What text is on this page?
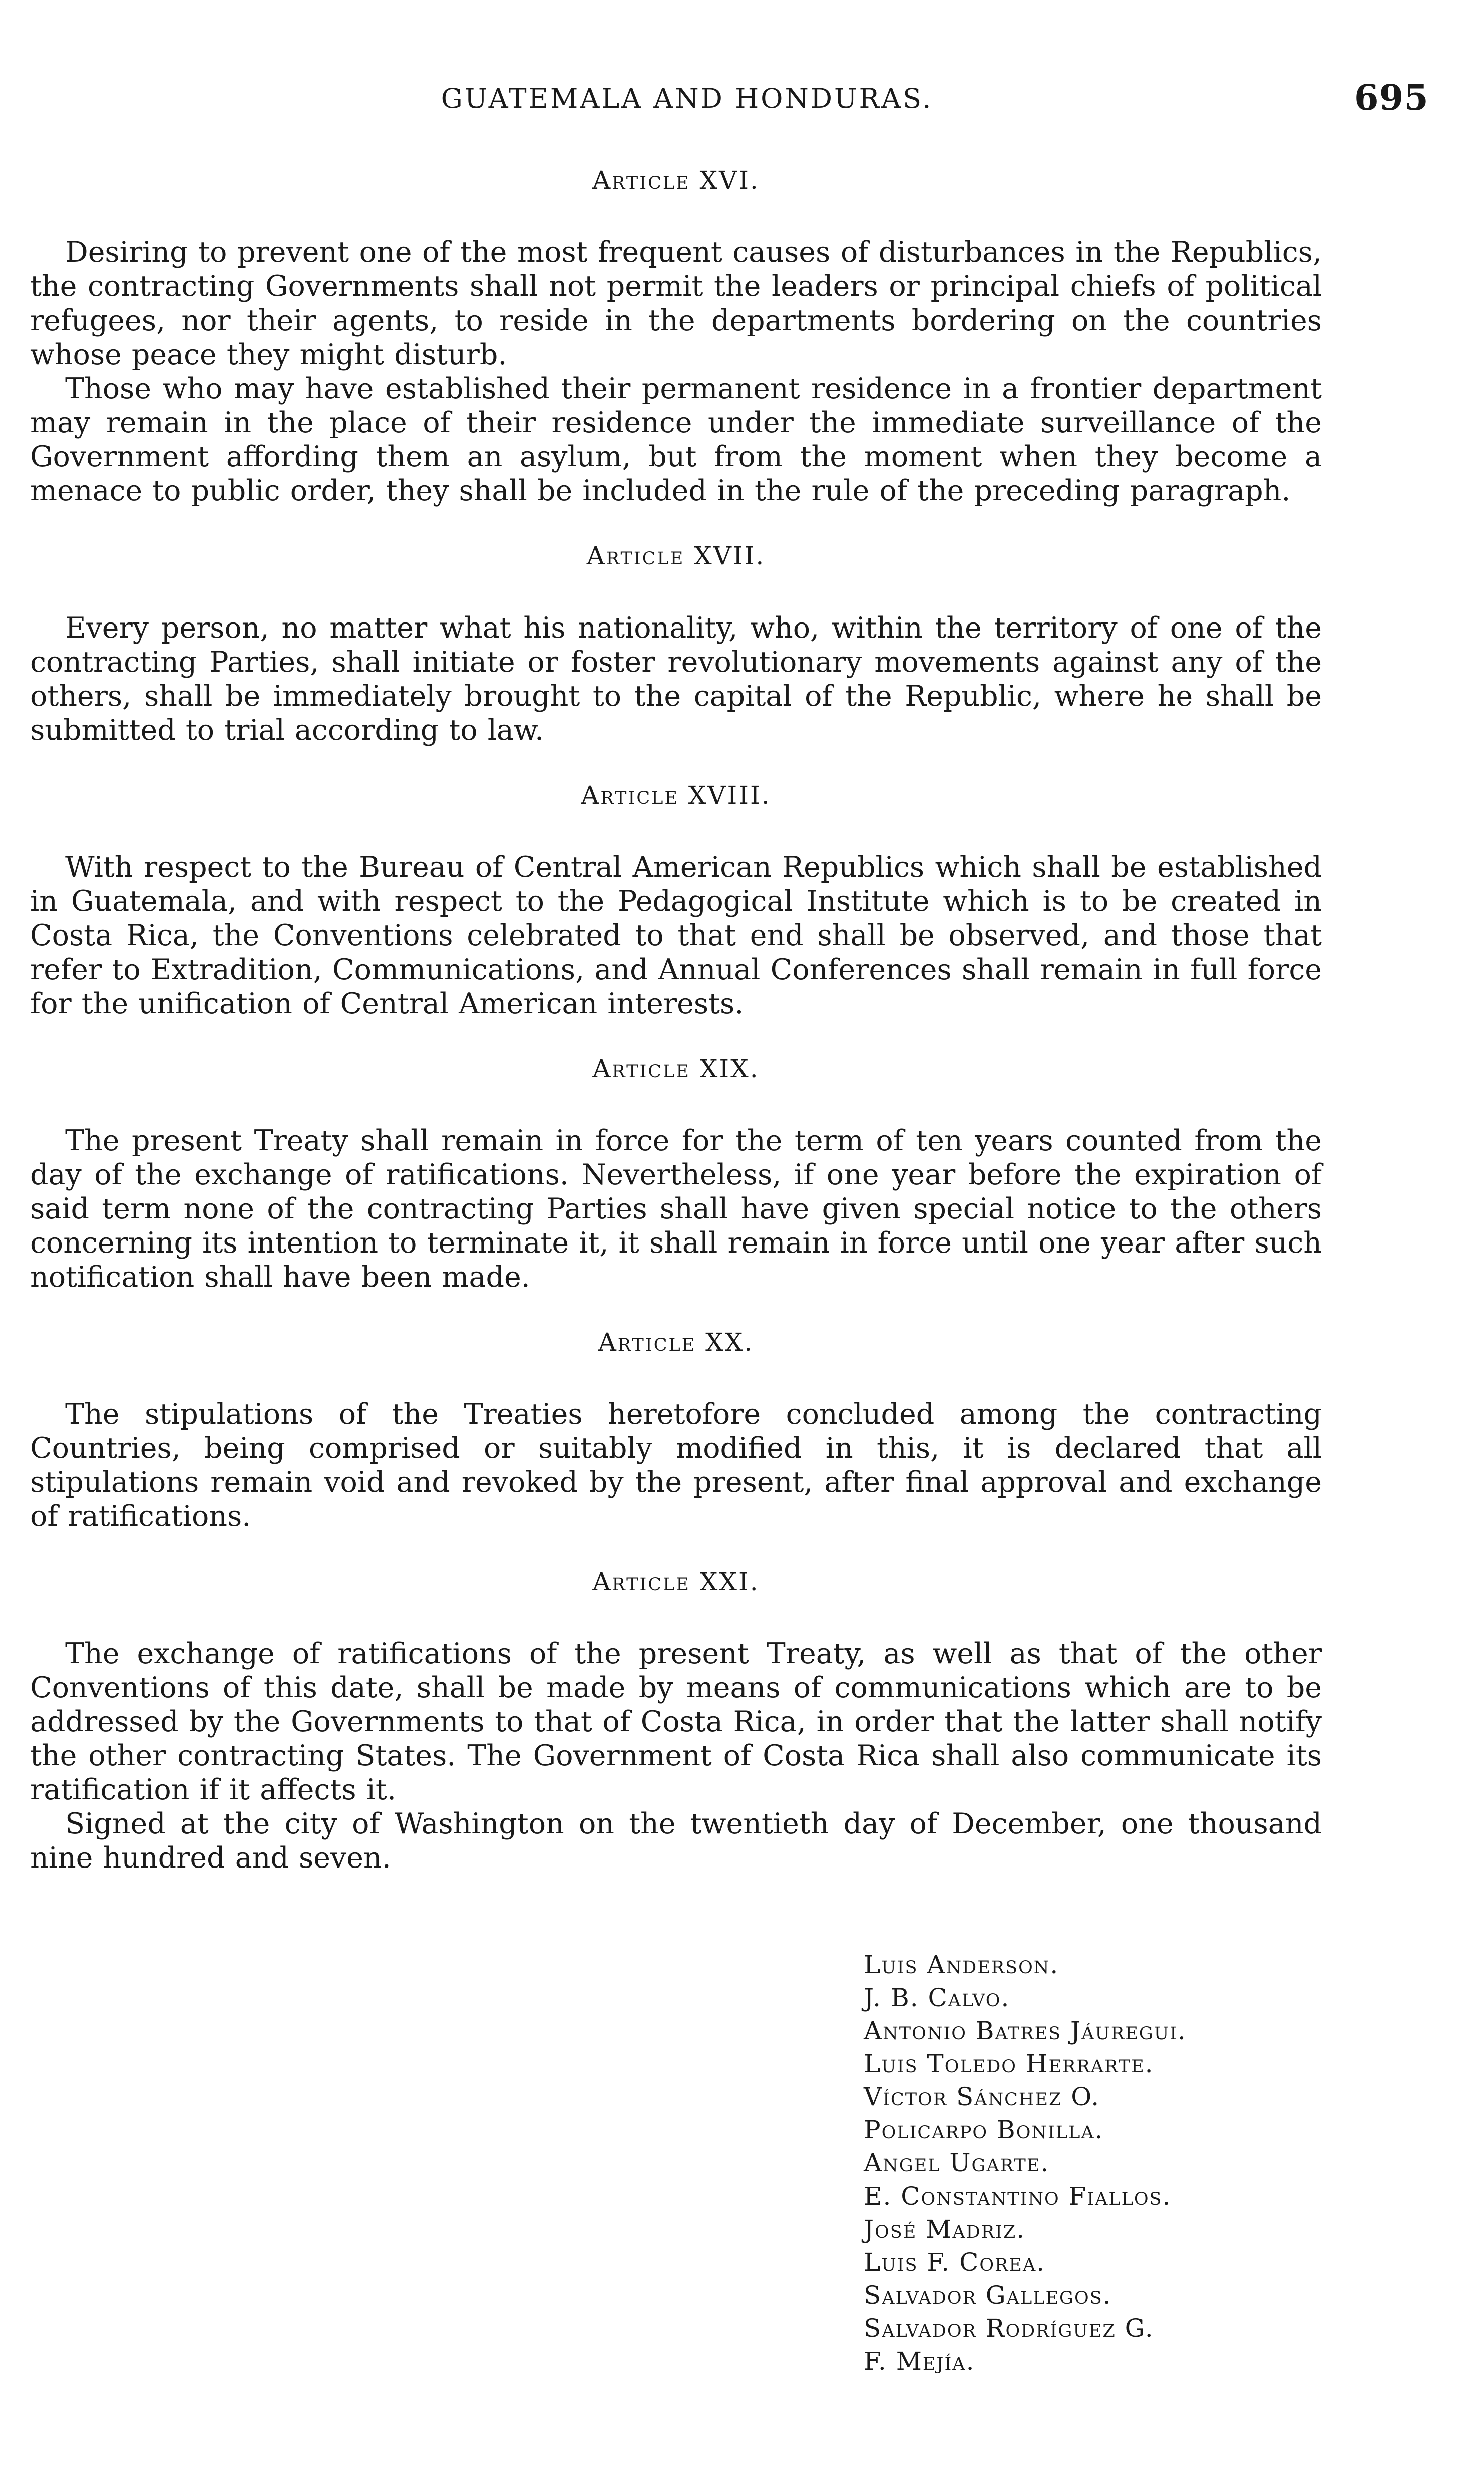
GUATEMALA AND HONDURAS.	695
Article XVI.

Desiring to prevent one of the most frequent causes of disturbances in the Republics, the contracting Governments shall not permit the leaders or principal chiefs of political refugees, nor their agents, to reside in the departments bordering on the countries whose peace they might disturb.

Those who may have established their permanent residence in a frontier department may remain in the place of their residence under the immediate surveillance of the Government affording them an asylum, but from the moment when they become a menace to public order, they shall be included in the rule of the preceding paragraph.

Article XVII.

Every person, no matter what his nationality, who, within the territory of one of the contracting Parties, shall initiate or foster revolutionary movements against any of the others, shall be immediately brought to the capital of the Republic, where he shall be submitted to trial according to law.

Article XVIII.

With respect to the Bureau of Central American Republics which shall be established in Guatemala, and with respect to the Pedagogical Institute which is to be created in Costa Rica, the Conventions celebrated to that end shall be observed, and those that refer to Extradition, Communications, and Annual Conferences shall remain in full force for the unification of Central American interests.

Article XIX.

The present Treaty shall remain in force for the term of ten years counted from the day of the exchange of ratifications. Nevertheless, if one year before the expiration of said term none of the contracting Parties shall have given special notice to the others concerning its intention to terminate it, it shall remain in force until one year after such notification shall have been made.

Article XX.

The stipulations of the Treaties heretofore concluded among the contracting Countries, being comprised or suitably modified in this, it is declared that all stipulations remain void and revoked by the present, after final approval and exchange of ratifications.

Article XXI.

The exchange of ratifications of the present Treaty, as well as that of the other Conventions of this date, shall be made by means of communications which are to be addressed by the Governments to that of Costa Rica, in order that the latter shall notify the other contracting States. The Government of Costa Rica shall also communicate its ratification if it affects it.

Signed at the city of Washington on the twentieth day of December, one thousand nine hundred and seven.

Luis Anderson.
J. B. Calvo.
Antonio Batres Jáuregui.
Luis Toledo Herrarte.
Víctor Sánchez O.
Policarpo Bonilla.
Angel Ugarte.
E. Constantino Fiallos.
José Madriz.
Luis F. Corea.
Salvador Gallegos.
Salvador Rodríguez G.
F. Mejía.
